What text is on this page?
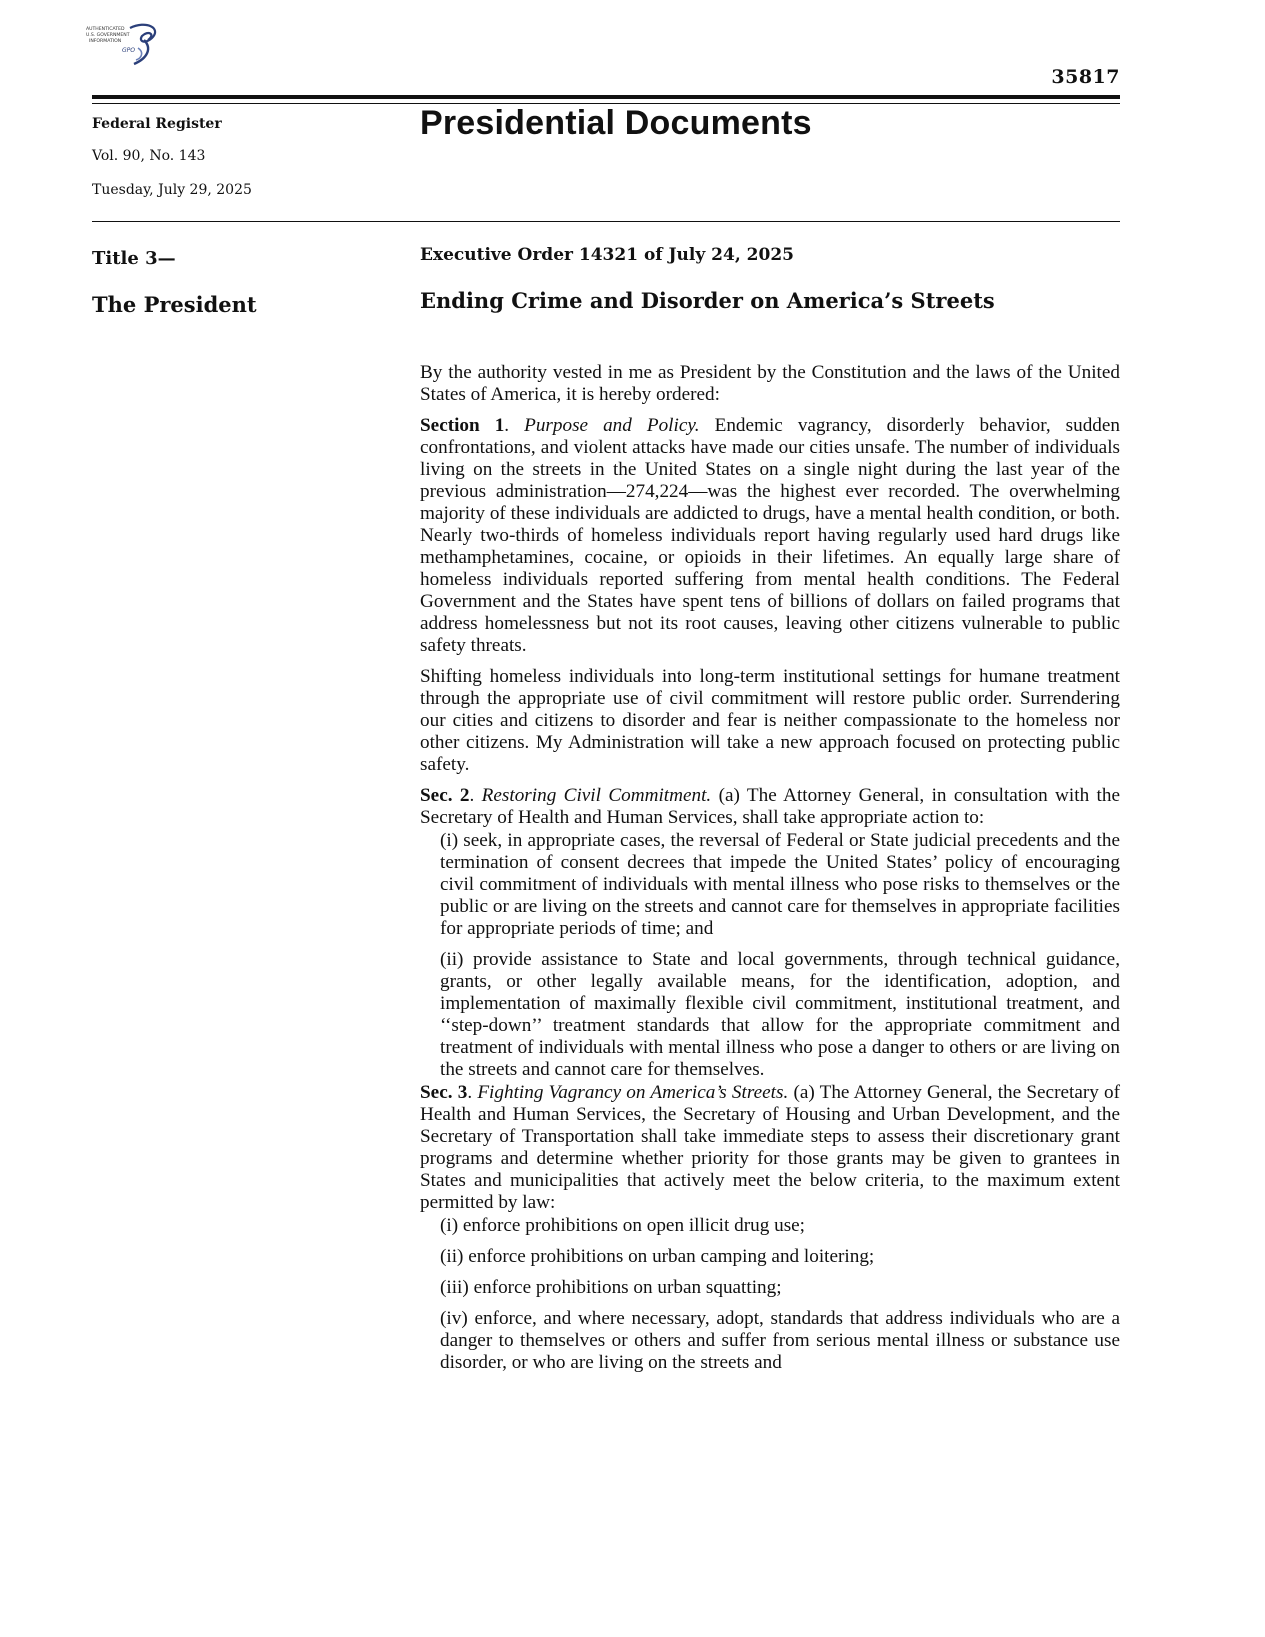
AUTHENTICATED
U.S. GOVERNMENT
INFORMATION
GPO
35817
Federal Register
Vol. 90, No. 143
Tuesday, July 29, 2025
Presidential Documents
Title 3—
The President
Executive Order 14321 of July 24, 2025
Ending Crime and Disorder on America’s Streets

By the authority vested in me as President by the Constitution and the laws of the United States of America, it is hereby ordered:

Section 1. Purpose and Policy. Endemic vagrancy, disorderly behavior, sudden confrontations, and violent attacks have made our cities unsafe. The number of individuals living on the streets in the United States on a single night during the last year of the previous administration—274,224—was the highest ever recorded. The overwhelming majority of these individuals are addicted to drugs, have a mental health condition, or both. Nearly two-thirds of homeless individuals report having regularly used hard drugs like methamphetamines, cocaine, or opioids in their lifetimes. An equally large share of homeless individuals reported suffering from mental health conditions. The Federal Government and the States have spent tens of billions of dollars on failed programs that address homelessness but not its root causes, leaving other citizens vulnerable to public safety threats.

Shifting homeless individuals into long-term institutional settings for humane treatment through the appropriate use of civil commitment will restore public order. Surrendering our cities and citizens to disorder and fear is neither compassionate to the homeless nor other citizens. My Administration will take a new approach focused on protecting public safety.

Sec. 2. Restoring Civil Commitment. (a) The Attorney General, in consultation with the Secretary of Health and Human Services, shall take appropriate action to:

(i) seek, in appropriate cases, the reversal of Federal or State judicial precedents and the termination of consent decrees that impede the United States’ policy of encouraging civil commitment of individuals with mental illness who pose risks to themselves or the public or are living on the streets and cannot care for themselves in appropriate facilities for appropriate periods of time; and

(ii) provide assistance to State and local governments, through technical guidance, grants, or other legally available means, for the identification, adoption, and implementation of maximally flexible civil commitment, institutional treatment, and ‘‘step-down’’ treatment standards that allow for the appropriate commitment and treatment of individuals with mental illness who pose a danger to others or are living on the streets and cannot care for themselves.

Sec. 3. Fighting Vagrancy on America’s Streets. (a) The Attorney General, the Secretary of Health and Human Services, the Secretary of Housing and Urban Development, and the Secretary of Transportation shall take immediate steps to assess their discretionary grant programs and determine whether priority for those grants may be given to grantees in States and municipalities that actively meet the below criteria, to the maximum extent permitted by law:

(i) enforce prohibitions on open illicit drug use;

(ii) enforce prohibitions on urban camping and loitering;

(iii) enforce prohibitions on urban squatting;

(iv) enforce, and where necessary, adopt, standards that address individuals who are a danger to themselves or others and suffer from serious mental illness or substance use disorder, or who are living on the streets and
